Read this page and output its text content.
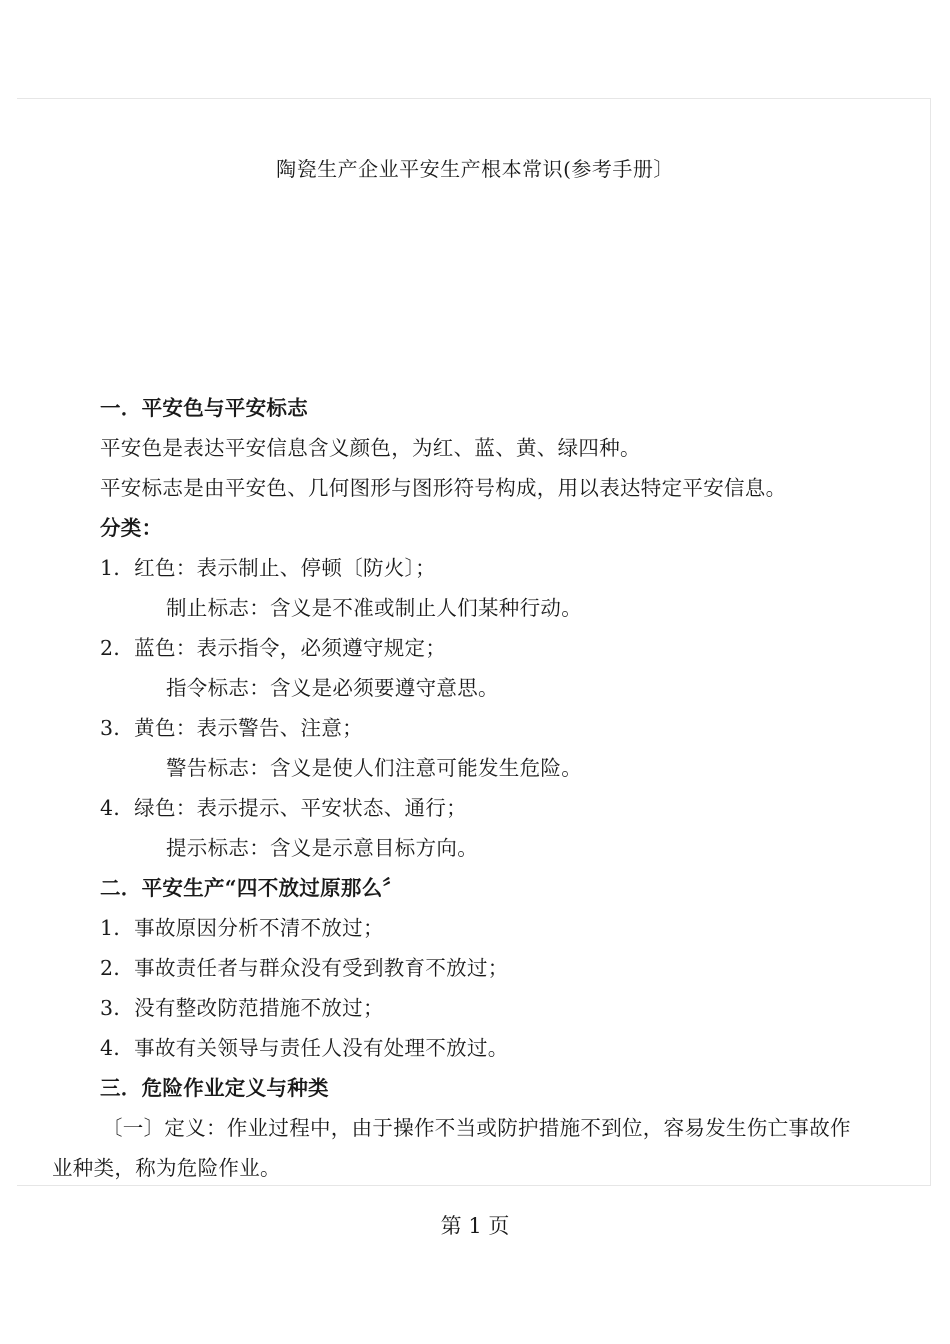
陶瓷生产企业平安生产根本常识(参考手册〕
一．平安色与平安标志
平安色是表达平安信息含义颜色，为红、蓝、黄、绿四种。
平安标志是由平安色、几何图形与图形符号构成，用以表达特定平安信息。
分类：
1．红色：表示制止、停顿〔防火〕；
制止标志：含义是不准或制止人们某种行动。
2．蓝色：表示指令，必须遵守规定；
指令标志：含义是必须要遵守意思。
3．黄色：表示警告、注意；
警告标志：含义是使人们注意可能发生危险。
4．绿色：表示提示、平安状态、通行；
提示标志：含义是示意目标方向。
二．平安生产“四不放过原那么〞
1．事故原因分析不清不放过；
2．事故责任者与群众没有受到教育不放过；
3．没有整改防范措施不放过；
4．事故有关领导与责任人没有处理不放过。
三．危险作业定义与种类
〔一〕定义：作业过程中，由于操作不当或防护措施不到位，容易发生伤亡事故作
业种类，称为危险作业。
第 1 页
